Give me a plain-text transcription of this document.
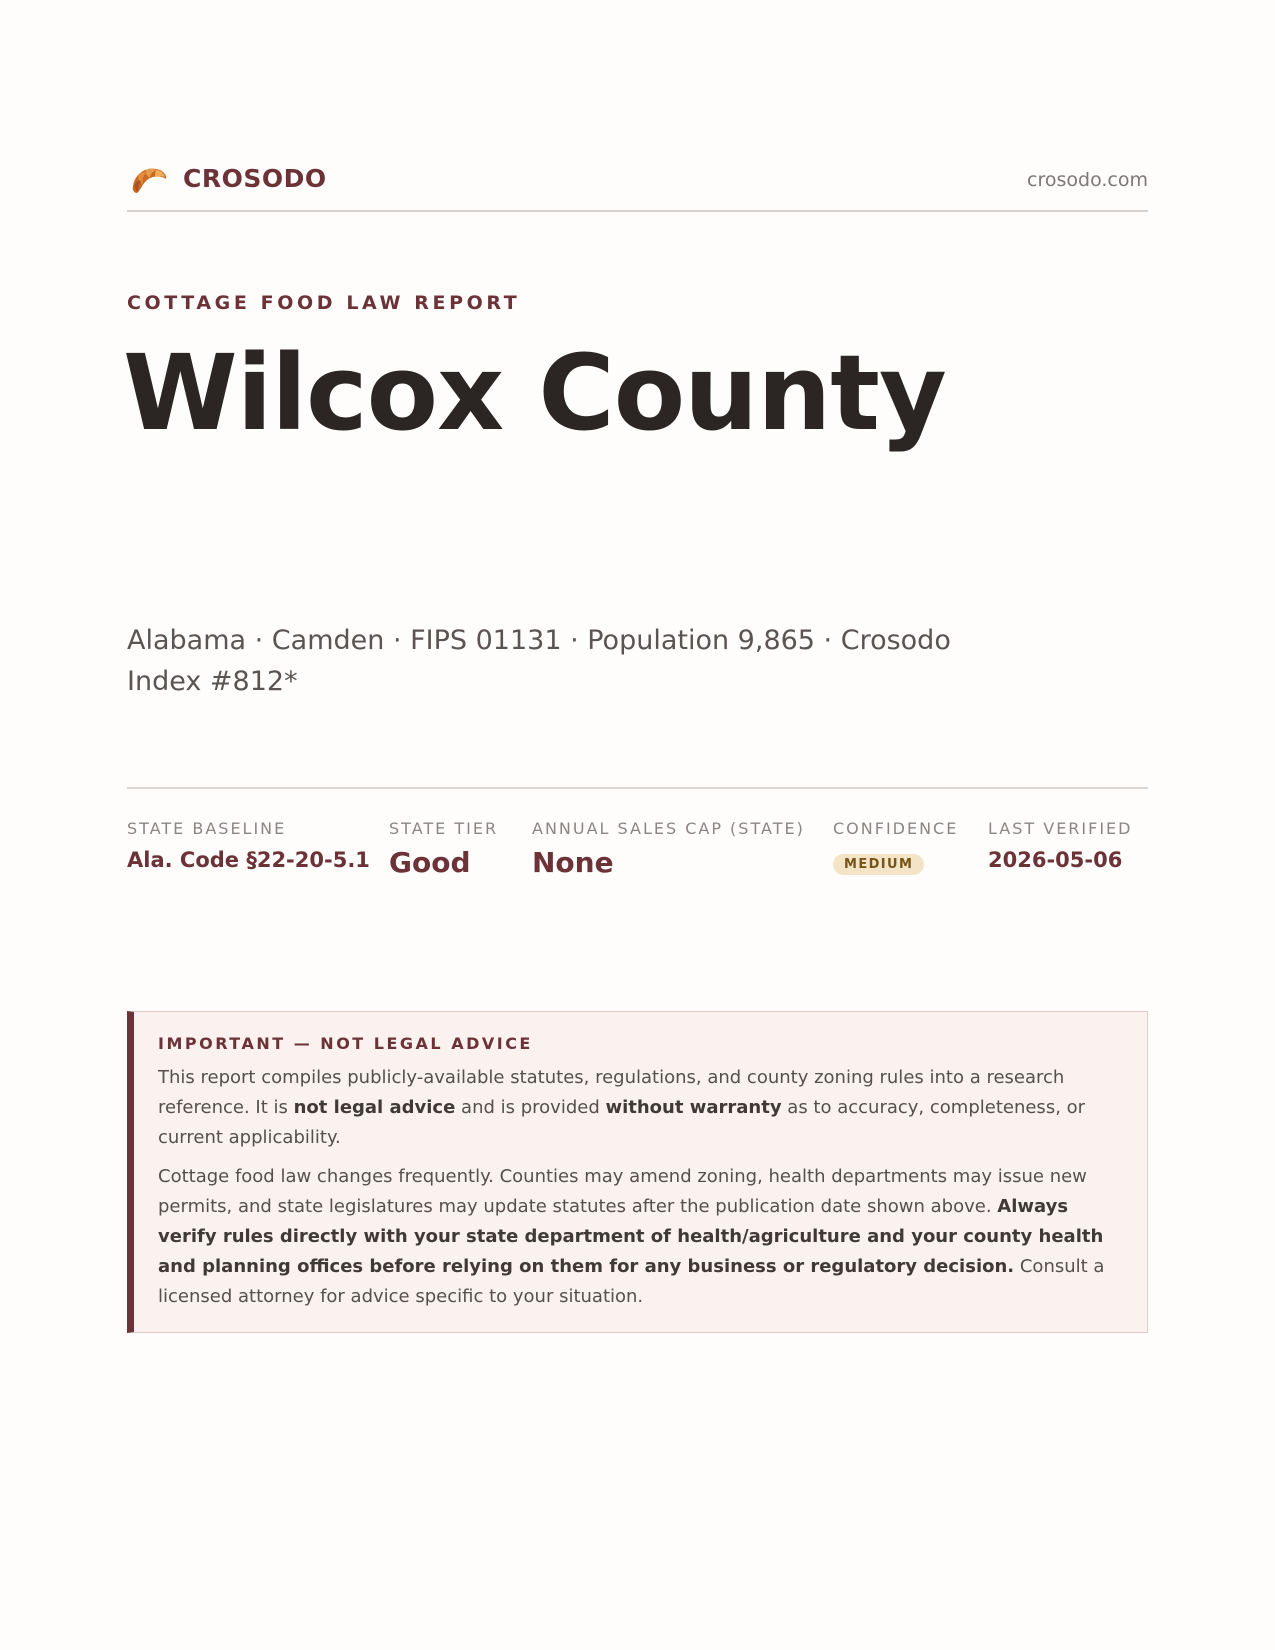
CROSODO	crosodo.com
COTTAGE FOOD LAW REPORT
Wilcox County
Alabama · Camden · FIPS 01131 · Population 9,865 · Crosodo Index #812*
STATE BASELINE
Ala. Code §22-20-5.1
STATE TIER
Good
ANNUAL SALES CAP (STATE)
None
CONFIDENCE
MEDIUM
LAST VERIFIED
2026-05-06
IMPORTANT — NOT LEGAL ADVICE

This report compiles publicly-available statutes, regulations, and county zoning rules into a research reference. It is not legal advice and is provided without warranty as to accuracy, completeness, or current applicability.

Cottage food law changes frequently. Counties may amend zoning, health departments may issue new permits, and state legislatures may update statutes after the publication date shown above. Always verify rules directly with your state department of health/agriculture and your county health and planning offices before relying on them for any business or regulatory decision. Consult a licensed attorney for advice specific to your situation.
